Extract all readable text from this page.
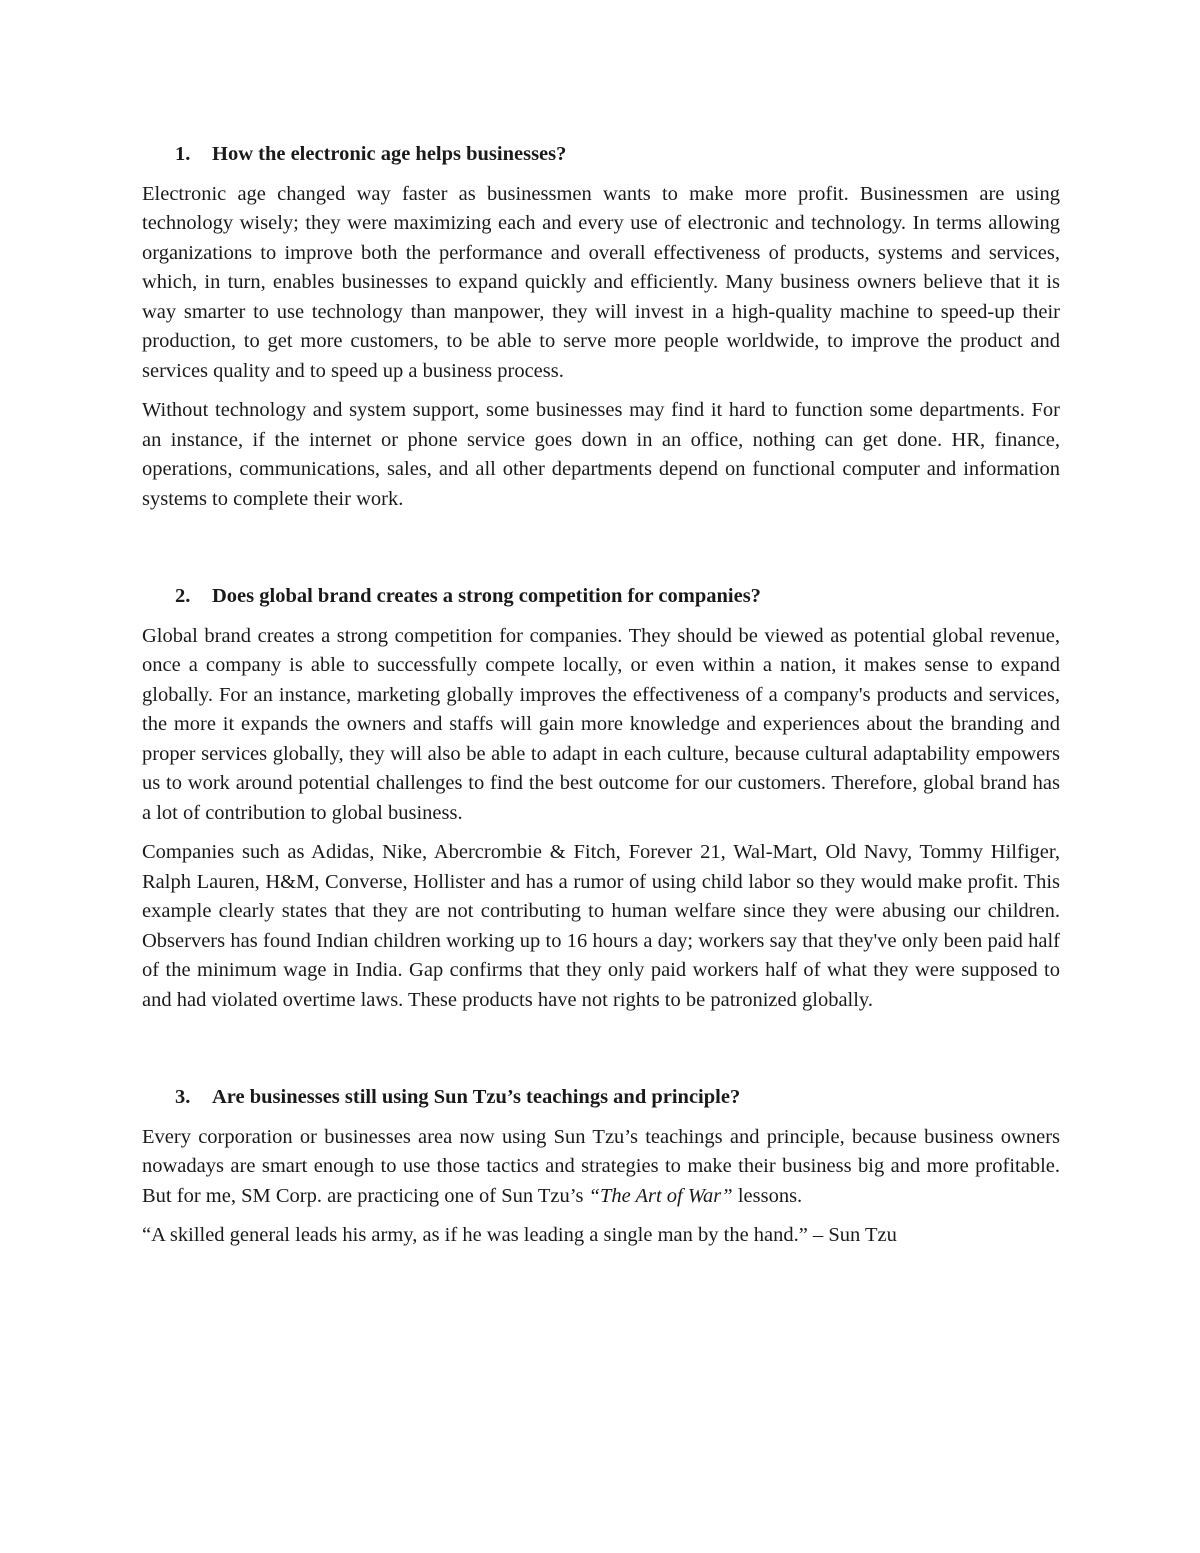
1.	How the electronic age helps businesses?

Electronic age changed way faster as businessmen wants to make more profit. Businessmen are using technology wisely; they were maximizing each and every use of electronic and technology. In terms allowing organizations to improve both the performance and overall effectiveness of products, systems and services, which, in turn, enables businesses to expand quickly and efficiently. Many business owners believe that it is way smarter to use technology than manpower, they will invest in a high-quality machine to speed-up their production, to get more customers, to be able to serve more people worldwide, to improve the product and services quality and to speed up a business process.

Without technology and system support, some businesses may find it hard to function some departments. For an instance, if the internet or phone service goes down in an office, nothing can get done. HR, finance, operations, communications, sales, and all other departments depend on functional computer and information systems to complete their work.

2.	Does global brand creates a strong competition for companies?

Global brand creates a strong competition for companies. They should be viewed as potential global revenue, once a company is able to successfully compete locally, or even within a nation, it makes sense to expand globally. For an instance, marketing globally improves the effectiveness of a company's products and services, the more it expands the owners and staffs will gain more knowledge and experiences about the branding and proper services globally, they will also be able to adapt in each culture, because cultural adaptability empowers us to work around potential challenges to find the best outcome for our customers. Therefore, global brand has a lot of contribution to global business.

Companies such as Adidas, Nike, Abercrombie & Fitch, Forever 21, Wal-Mart, Old Navy, Tommy Hilfiger, Ralph Lauren, H&M, Converse, Hollister and has a rumor of using child labor so they would make profit. This example clearly states that they are not contributing to human welfare since they were abusing our children. Observers has found Indian children working up to 16 hours a day; workers say that they've only been paid half of the minimum wage in India. Gap confirms that they only paid workers half of what they were supposed to and had violated overtime laws. These products have not rights to be patronized globally.

3.	Are businesses still using Sun Tzu’s teachings and principle?

Every corporation or businesses area now using Sun Tzu’s teachings and principle, because business owners nowadays are smart enough to use those tactics and strategies to make their business big and more profitable. But for me, SM Corp. are practicing one of Sun Tzu’s “The Art of War” lessons.

“A skilled general leads his army, as if he was leading a single man by the hand.” – Sun Tzu
